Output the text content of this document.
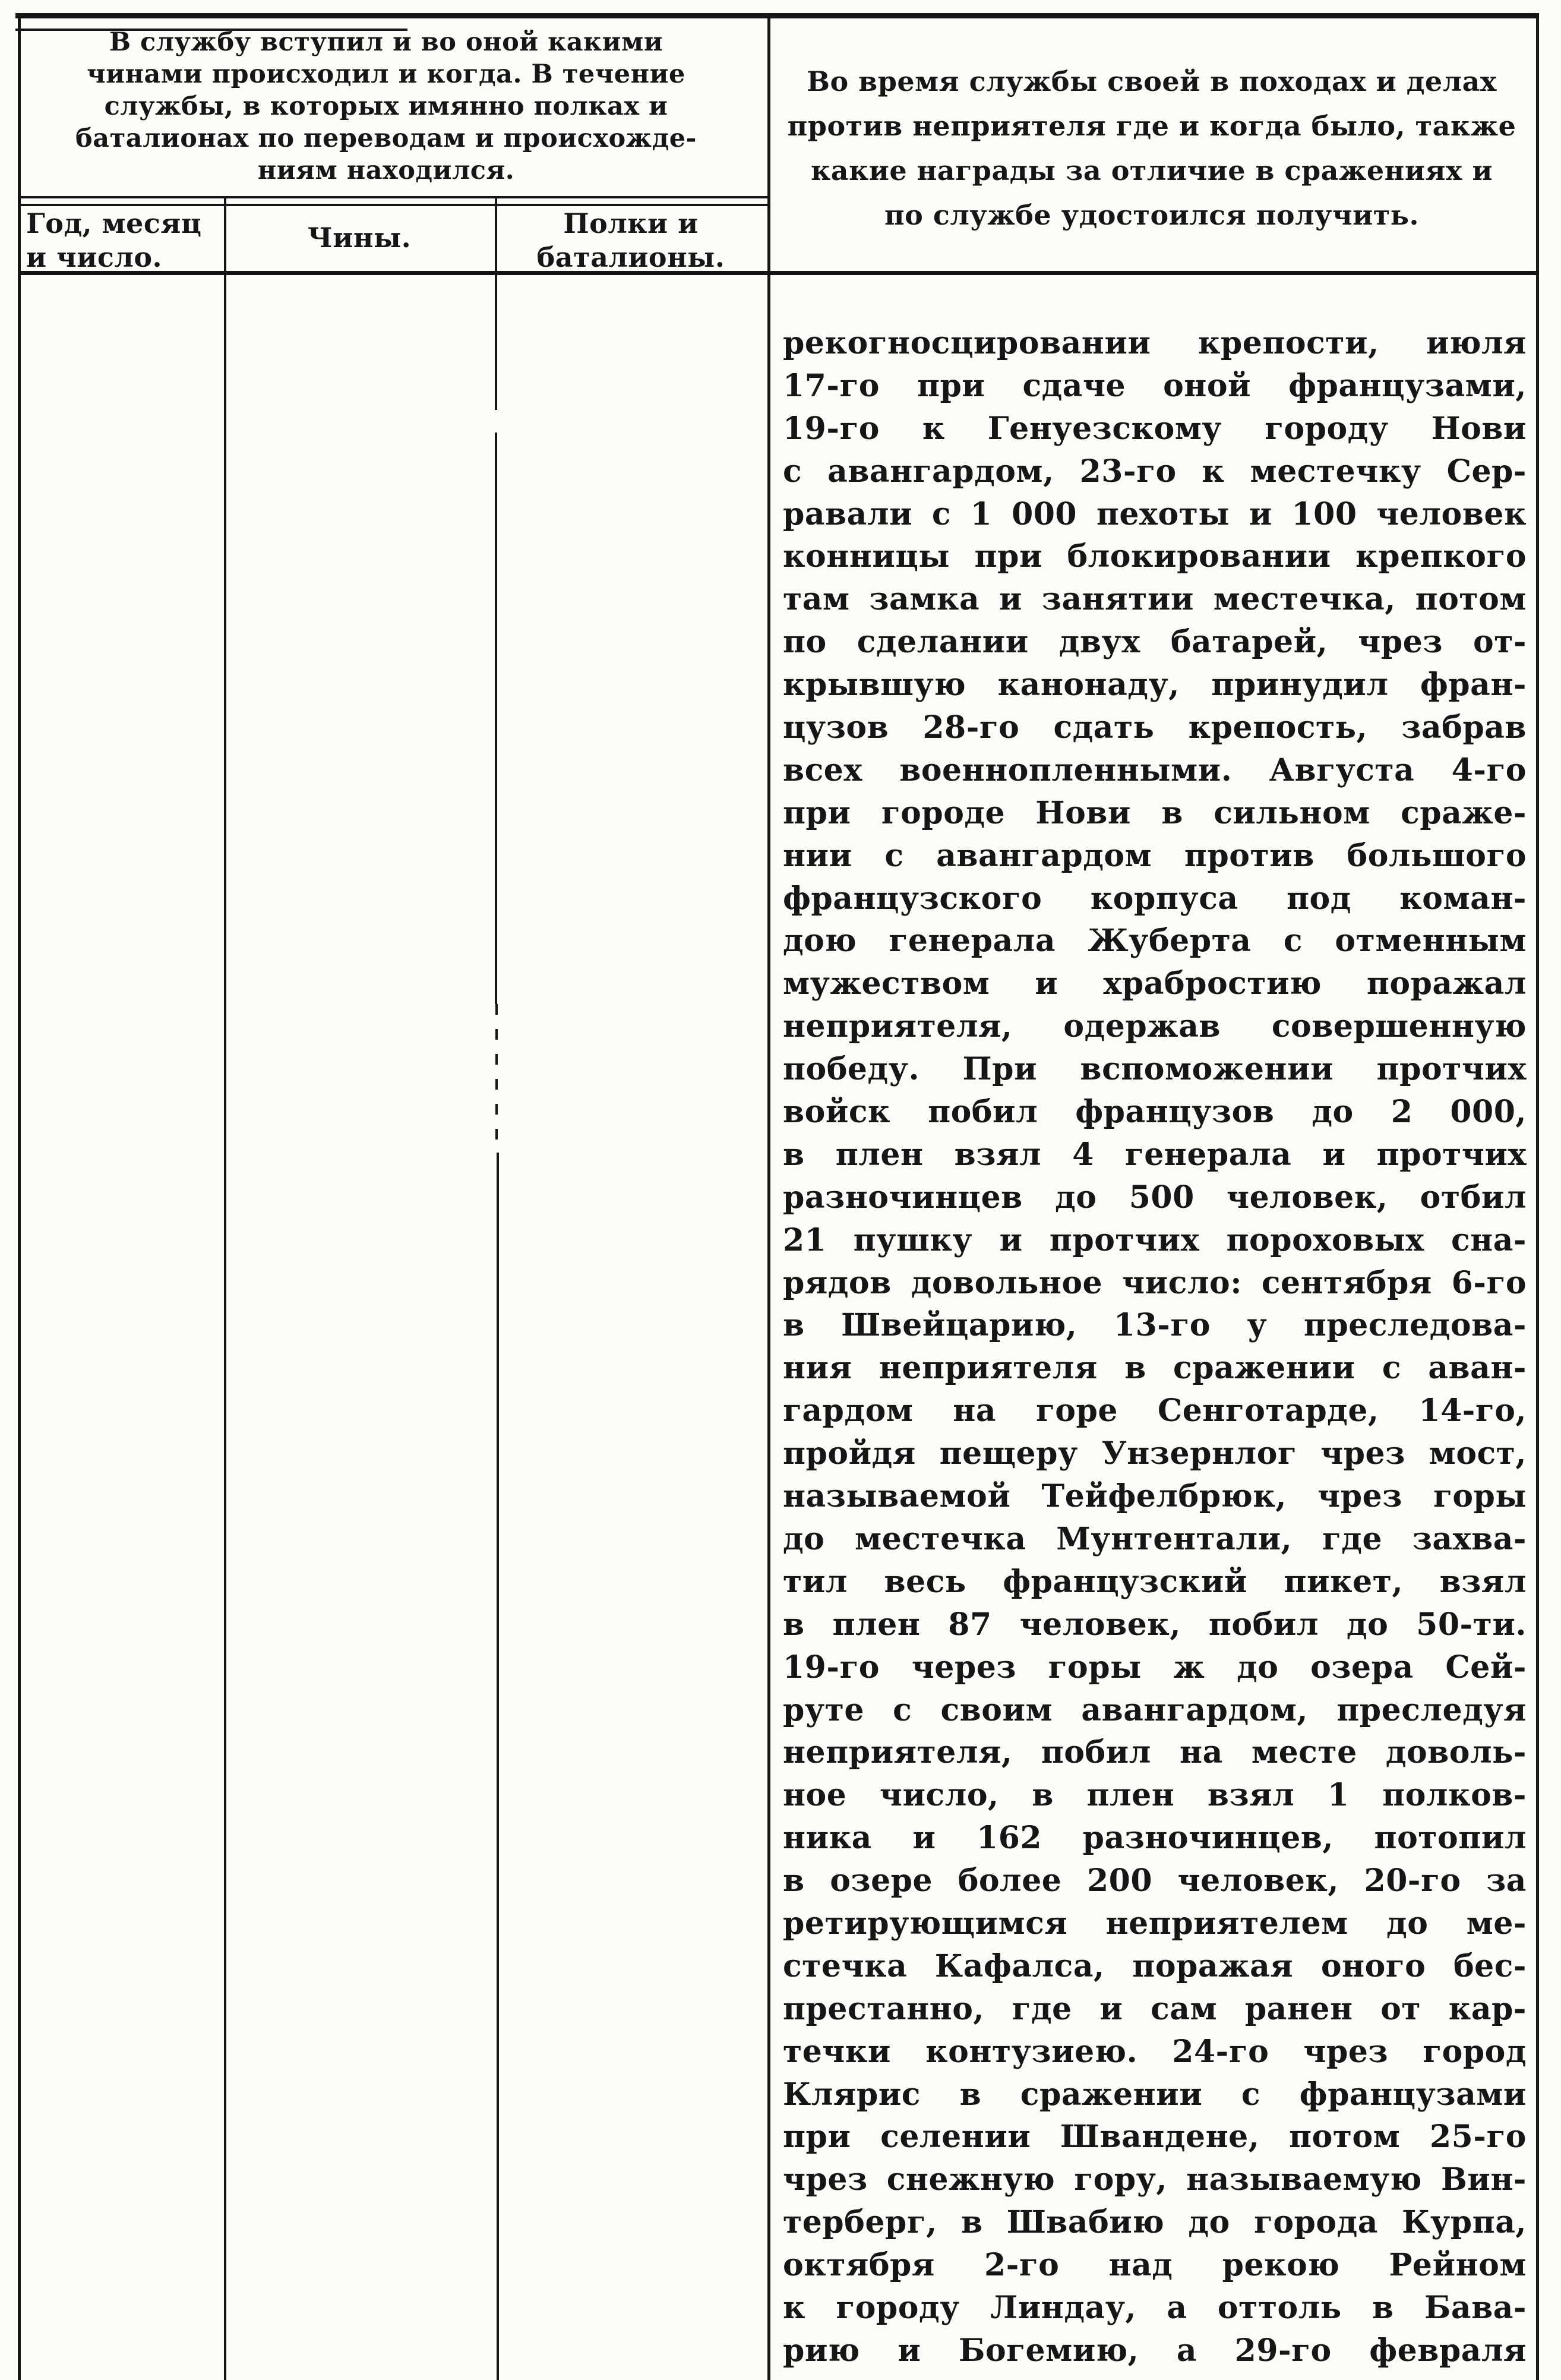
В службу вступил и во оной какими
чинами происходил и когда. В течение
службы, в которых имянно полках и
баталионах по переводам и происхожде-
ниям находился.
Год, месяц
и число.
Чины.	Полки и
баталионы.
Во время службы своей в походах и делах
против неприятеля где и когда было, также
какие награды за отличие в сражениях и
по службе удостоился получить.
рекогносцировании крепости, июля
17-го при сдаче оной французами,
19-го к Генуезскому городу Нови
с авангардом, 23-го к местечку Сер-
равали с 1 000 пехоты и 100 человек
конницы при блокировании крепкого
там замка и занятии местечка, потом
по сделании двух батарей, чрез от-
крывшую канонаду, принудил фран-
цузов 28-го сдать крепость, забрав
всех военнопленными. Августа 4-го
при городе Нови в сильном сраже-
нии с авангардом против большого
французского корпуса под коман-
дою генерала Жуберта с отменным
мужеством и храбростию поражал
неприятеля, одержав совершенную
победу. При вспоможении протчих
войск побил французов до 2 000,
в плен взял 4 генерала и протчих
разночинцев до 500 человек, отбил
21 пушку и протчих пороховых сна-
рядов довольное число: сентября 6-го
в Швейцарию, 13-го у преследова-
ния неприятеля в сражении с аван-
гардом на горе Сенготарде, 14-го,
пройдя пещеру Унзернлог чрез мост,
называемой Тейфелбрюк, чрез горы
до местечка Мунтентали, где захва-
тил весь французский пикет, взял
в плен 87 человек, побил до 50-ти.
19-го через горы ж до озера Сей-
руте с своим авангардом, преследуя
неприятеля, побил на месте доволь-
ное число, в плен взял 1 полков-
ника и 162 разночинцев, потопил
в озере более 200 человек, 20-го за
ретирующимся неприятелем до ме-
стечка Кафалса, поражая оного бес-
престанно, где и сам ранен от кар-
течки контузиею. 24-го чрез город
Клярис в сражении с французами
при селении Швандене, потом 25-го
чрез снежную гору, называемую Вин-
терберг, в Швабию до города Курпа,
октября 2-го над рекою Рейном
к городу Линдау, а оттоль в Бава-
рию и Богемию, а 29-го февраля
